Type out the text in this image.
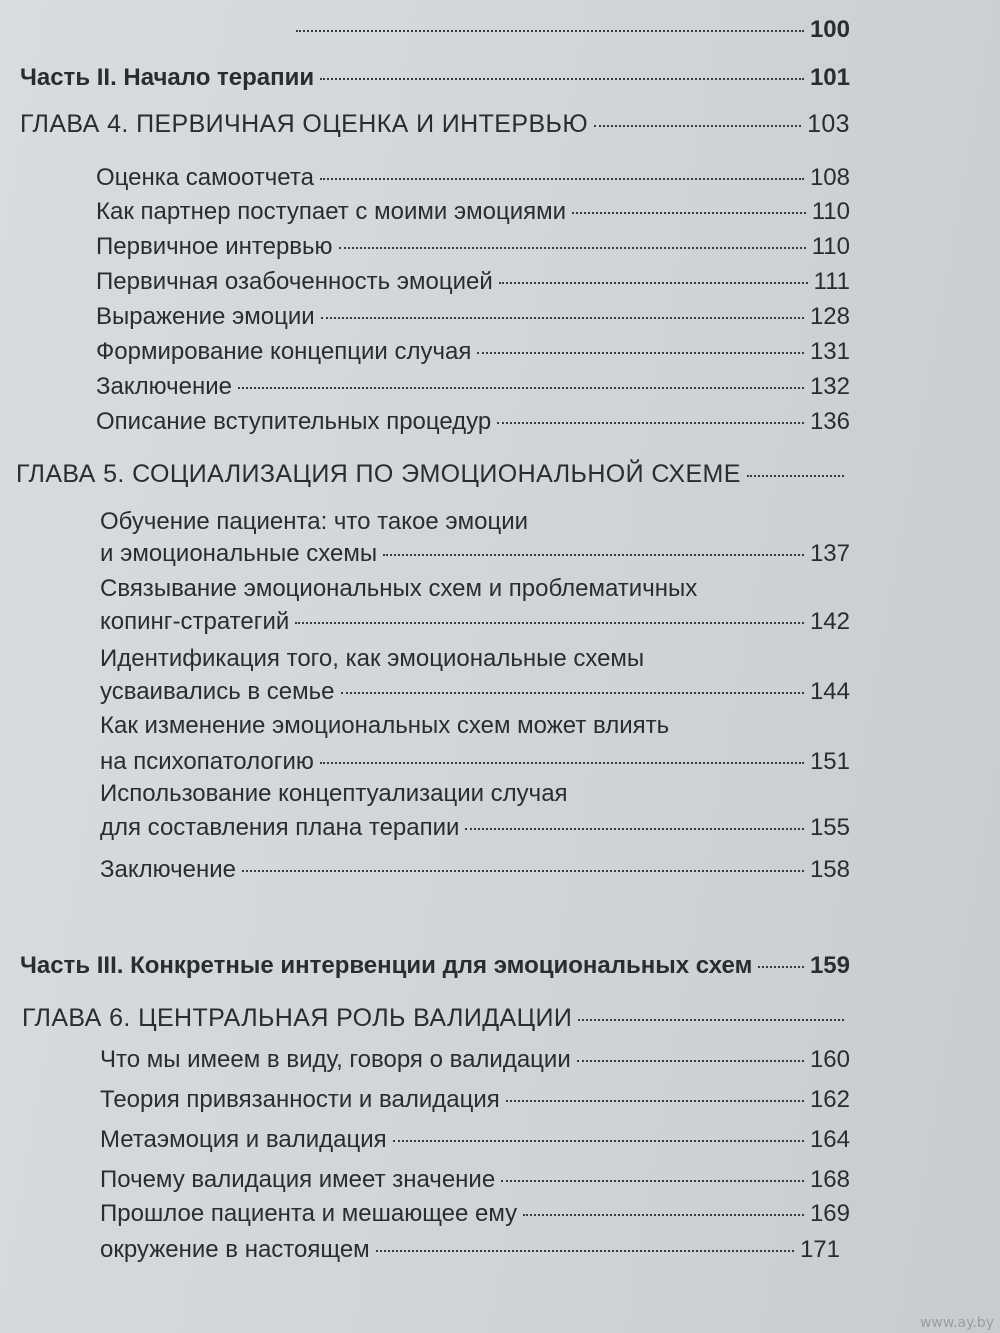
100
Часть II. Начало терапии	101
ГЛАВА 4. ПЕРВИЧНАЯ ОЦЕНКА И ИНТЕРВЬЮ	103
Оценка самоотчета	108
Как партнер поступает с моими эмоциями	110
Первичное интервью	110
Первичная озабоченность эмоцией	111
Выражение эмоции	128
Формирование концепции случая	131
Заключение	132
Описание вступительных процедур	136
ГЛАВА 5. СОЦИАЛИЗАЦИЯ ПО ЭМОЦИОНАЛЬНОЙ СХЕМЕ
Обучение пациента: что такое эмоции
и эмоциональные схемы	137
Связывание эмоциональных схем и проблематичных
копинг-стратегий	142
Идентификация того, как эмоциональные схемы
усваивались в семье	144
Как изменение эмоциональных схем может влиять
на психопатологию	151
Использование концептуализации случая
для составления плана терапии	155
Заключение	158
Часть III. Конкретные интервенции для эмоциональных схем 159
ГЛАВА 6. ЦЕНТРАЛЬНАЯ РОЛЬ ВАЛИДАЦИИ
Что мы имеем в виду, говоря о валидации	160
Теория привязанности и валидация	162
Метаэмоция и валидация	164
Почему валидация имеет значение	168
Прошлое пациента и мешающее ему	169
окружение в настоящем	171
www.ay.by
